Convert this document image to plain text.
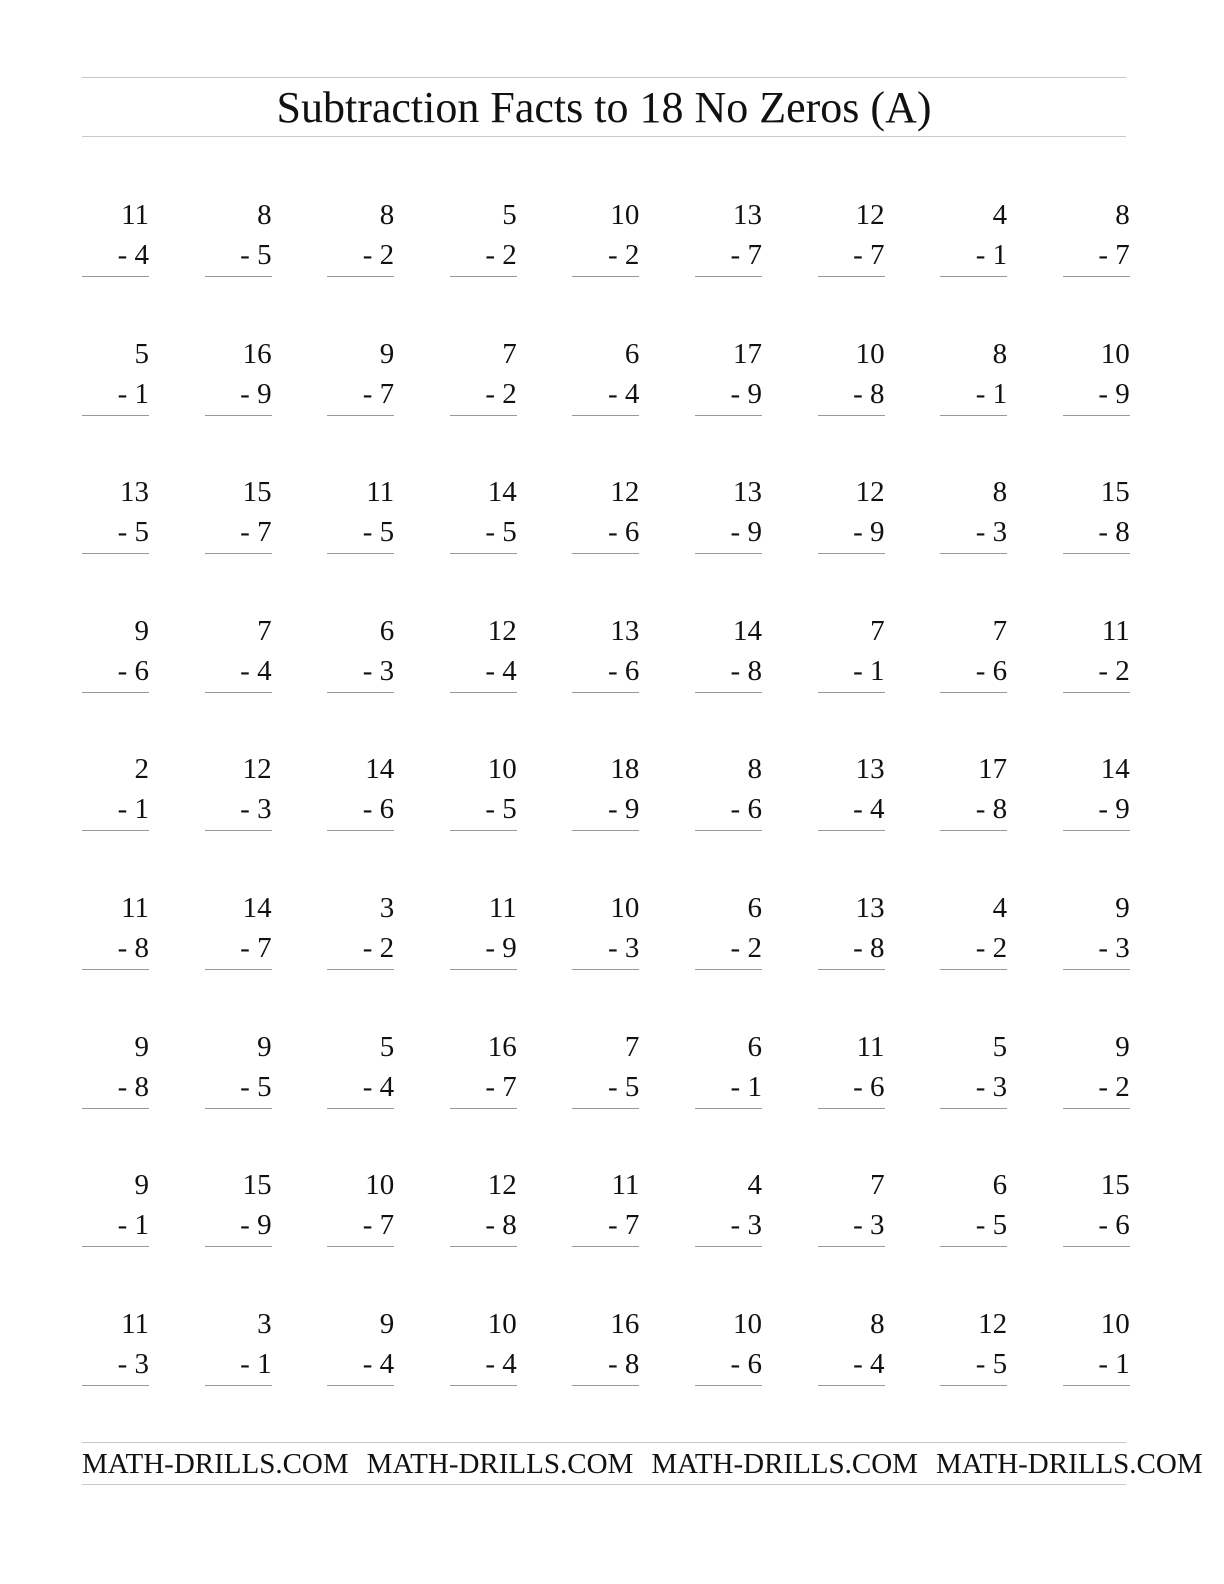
Subtraction Facts to 18 No Zeros (A)
11
- 4
8
- 5
8
- 2
5
- 2
10
- 2
13
- 7
12
- 7
4
- 1
8
- 7
5
- 1
16
- 9
9
- 7
7
- 2
6
- 4
17
- 9
10
- 8
8
- 1
10
- 9
13
- 5
15
- 7
11
- 5
14
- 5
12
- 6
13
- 9
12
- 9
8
- 3
15
- 8
9
- 6
7
- 4
6
- 3
12
- 4
13
- 6
14
- 8
7
- 1
7
- 6
11
- 2
2
- 1
12
- 3
14
- 6
10
- 5
18
- 9
8
- 6
13
- 4
17
- 8
14
- 9
11
- 8
14
- 7
3
- 2
11
- 9
10
- 3
6
- 2
13
- 8
4
- 2
9
- 3
9
- 8
9
- 5
5
- 4
16
- 7
7
- 5
6
- 1
11
- 6
5
- 3
9
- 2
9
- 1
15
- 9
10
- 7
12
- 8
11
- 7
4
- 3
7
- 3
6
- 5
15
- 6
11
- 3
3
- 1
9
- 4
10
- 4
16
- 8
10
- 6
8
- 4
12
- 5
10
- 1
MATH-DRILLS.COM MATH-DRILLS.COM MATH-DRILLS.COM MATH-DRILLS.COM
